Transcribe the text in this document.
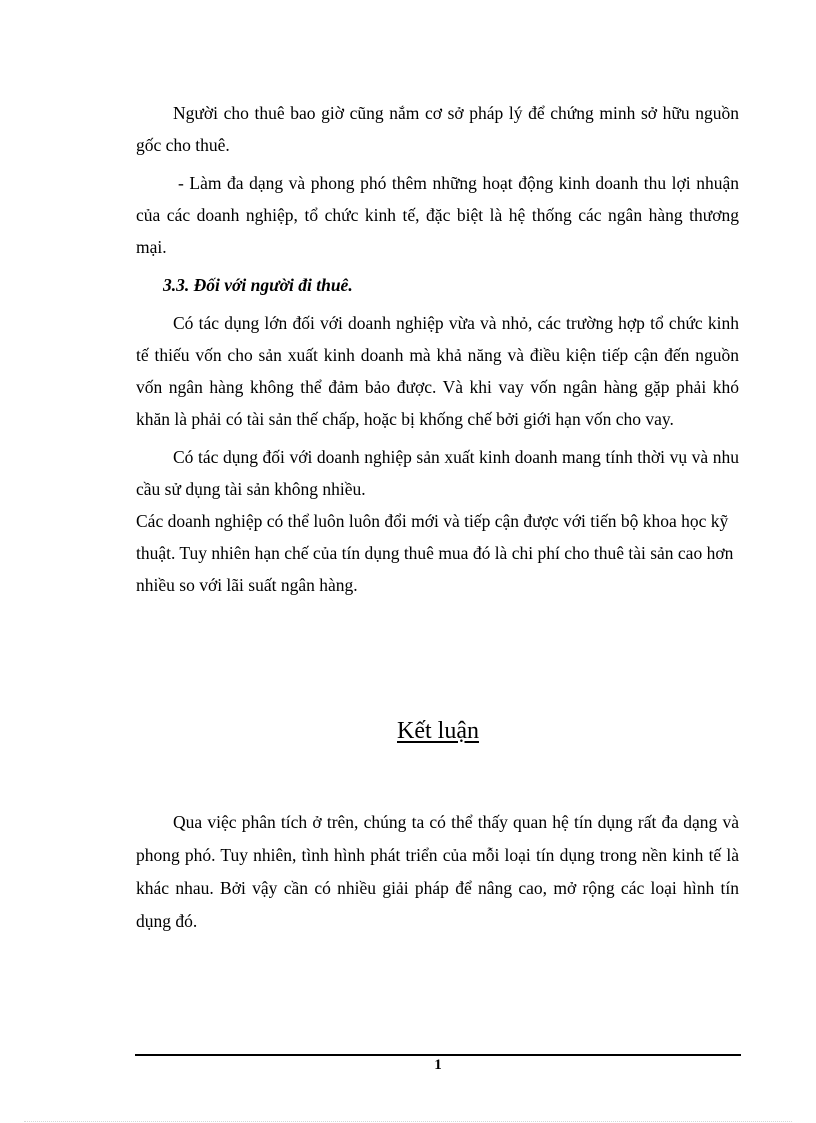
Người cho thuê bao giờ cũng nắm cơ sở pháp lý để chứng minh sở hữu nguồn gốc cho thuê.

- Làm đa dạng và phong phó thêm những hoạt động kinh doanh thu lợi nhuận của các doanh nghiệp, tổ chức kinh tế, đặc biệt là hệ thống các ngân hàng thương mại.

3.3. Đối với người đi thuê.

Có tác dụng lớn đối với doanh nghiệp vừa và nhỏ, các trường hợp tổ chức kinh tế thiếu vốn cho sản xuất kinh doanh mà khả năng và điều kiện tiếp cận đến nguồn vốn ngân hàng không thể đảm bảo được. Và khi vay vốn ngân hàng gặp phải khó khăn là phải có tài sản thế chấp, hoặc bị khống chế bởi giới hạn vốn cho vay.

Có tác dụng đối với doanh nghiệp sản xuất kinh doanh mang tính thời vụ và nhu cầu sử dụng tài sản không nhiều.

Các doanh nghiệp có thể luôn luôn đổi mới và tiếp cận được với tiến bộ khoa học kỹ thuật. Tuy nhiên hạn chế của tín dụng thuê mua đó là chi phí cho thuê tài sản cao hơn nhiều so với lãi suất ngân hàng.

Kết luận

Qua việc phân tích ở trên, chúng ta có thể thấy quan hệ tín dụng rất đa dạng và phong phó. Tuy nhiên, tình hình phát triển của mỗi loại tín dụng trong nền kinh tế là khác nhau. Bởi vậy cần có nhiều giải pháp để nâng cao, mở rộng các loại hình tín dụng đó.

1
